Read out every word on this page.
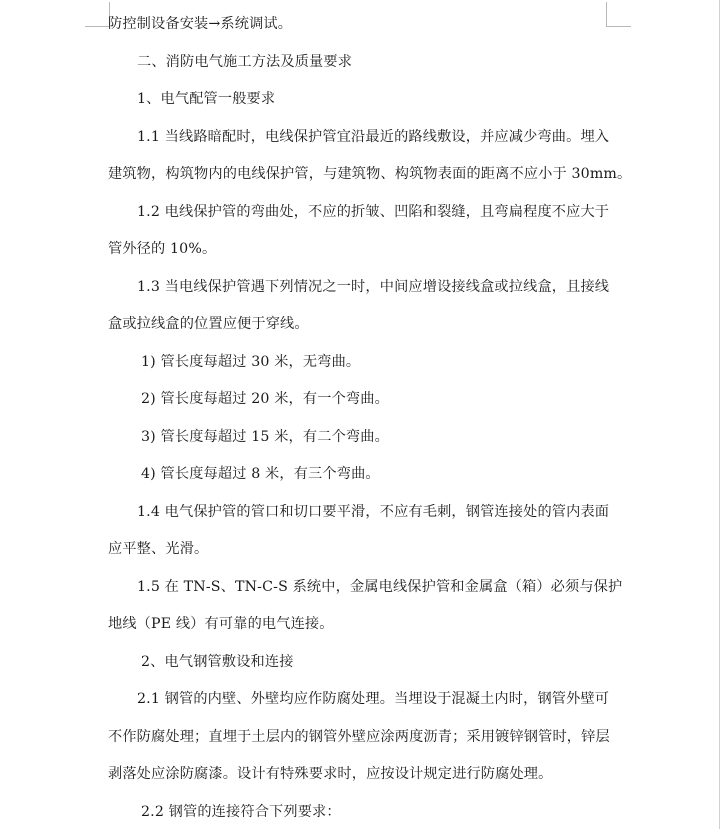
防控制设备安装→系统调试。
二、消防电气施工方法及质量要求
1、电气配管一般要求
1.1 当线路暗配时，电线保护管宜沿最近的路线敷设，并应减少弯曲。埋入
建筑物，构筑物内的电线保护管，与建筑物、构筑物表面的距离不应小于 30mm。
1.2 电线保护管的弯曲处，不应的折皱、凹陷和裂缝，且弯扁程度不应大于
管外径的 10%。
1.3 当电线保护管遇下列情况之一时，中间应增设接线盒或拉线盒，且接线
盒或拉线盒的位置应便于穿线。
1) 管长度每超过 30 米，无弯曲。
2) 管长度每超过 20 米，有一个弯曲。
3) 管长度每超过 15 米，有二个弯曲。
4) 管长度每超过 8 米，有三个弯曲。
1.4 电气保护管的管口和切口要平滑，不应有毛刺，钢管连接处的管内表面
应平整、光滑。
1.5 在 TN-S、TN-C-S 系统中，金属电线保护管和金属盒（箱）必须与保护
地线（PE 线）有可靠的电气连接。
2、电气钢管敷设和连接
2.1 钢管的内壁、外壁均应作防腐处理。当埋设于混凝土内时，钢管外壁可
不作防腐处理；直埋于土层内的钢管外壁应涂两度沥青；采用镀锌钢管时，锌层
剥落处应涂防腐漆。设计有特殊要求时，应按设计规定进行防腐处理。
2.2 钢管的连接符合下列要求：
